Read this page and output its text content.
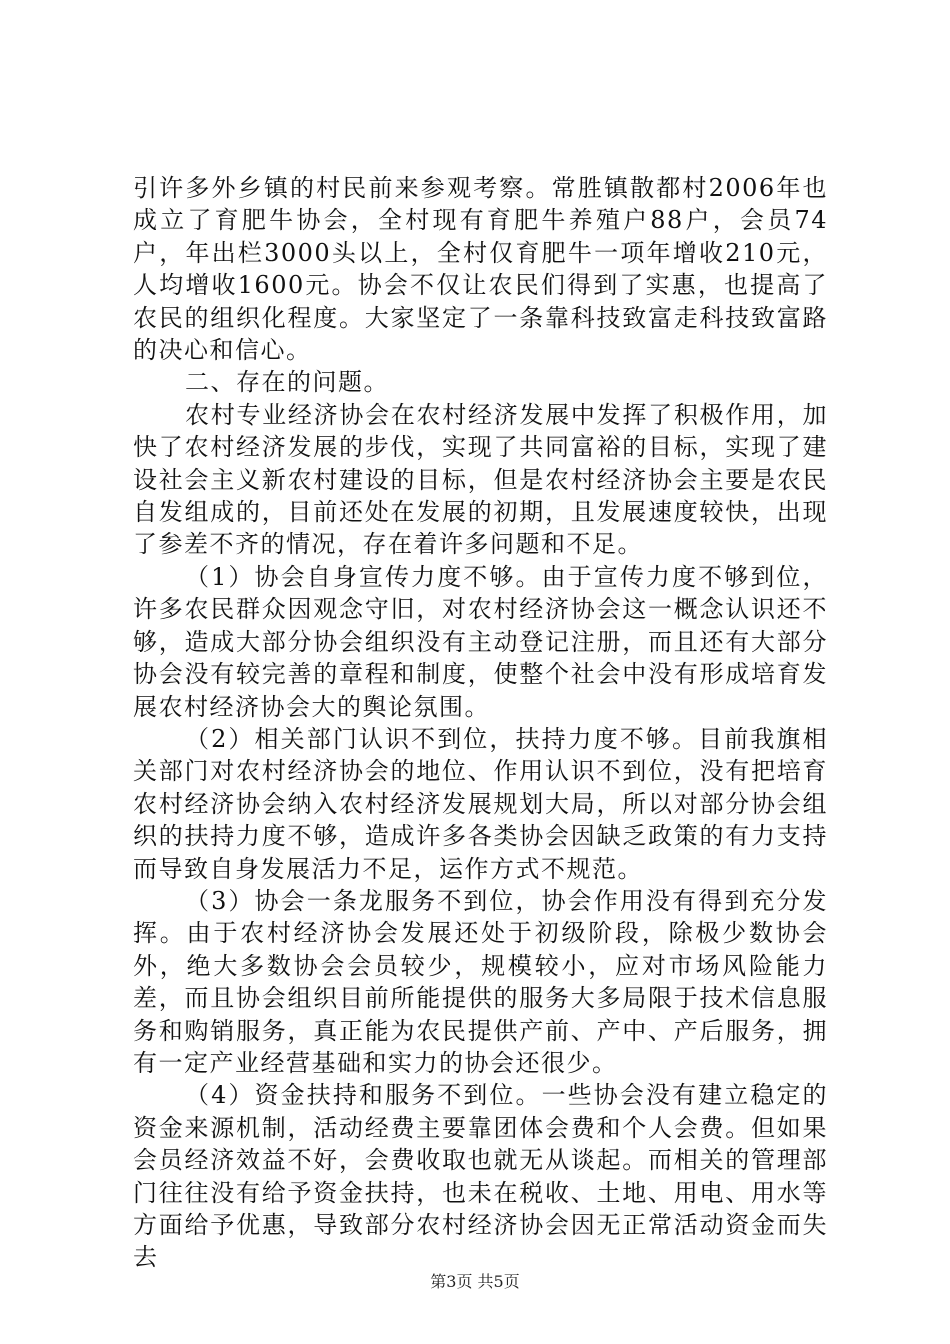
引许多外乡镇的村民前来参观考察。常胜镇散都村2006年也成立了育肥牛协会，全村现有育肥牛养殖户88户，会员74户，年出栏3000头以上，全村仅育肥牛一项年增收210元，人均增收1600元。协会不仅让农民们得到了实惠，也提高了农民的组织化程度。大家坚定了一条靠科技致富走科技致富路的决心和信心。

二、存在的问题。

农村专业经济协会在农村经济发展中发挥了积极作用，加快了农村经济发展的步伐，实现了共同富裕的目标，实现了建设社会主义新农村建设的目标，但是农村经济协会主要是农民自发组成的，目前还处在发展的初期，且发展速度较快，出现了参差不齐的情况，存在着许多问题和不足。

（1）协会自身宣传力度不够。由于宣传力度不够到位，许多农民群众因观念守旧，对农村经济协会这一概念认识还不够，造成大部分协会组织没有主动登记注册，而且还有大部分协会没有较完善的章程和制度，使整个社会中没有形成培育发展农村经济协会大的舆论氛围。

（2）相关部门认识不到位，扶持力度不够。目前我旗相关部门对农村经济协会的地位、作用认识不到位，没有把培育农村经济协会纳入农村经济发展规划大局，所以对部分协会组织的扶持力度不够，造成许多各类协会因缺乏政策的有力支持而导致自身发展活力不足，运作方式不规范。

（3）协会一条龙服务不到位，协会作用没有得到充分发挥。由于农村经济协会发展还处于初级阶段，除极少数协会外，绝大多数协会会员较少，规模较小，应对市场风险能力差，而且协会组织目前所能提供的服务大多局限于技术信息服务和购销服务，真正能为农民提供产前、产中、产后服务，拥有一定产业经营基础和实力的协会还很少。

（4）资金扶持和服务不到位。一些协会没有建立稳定的资金来源机制，活动经费主要靠团体会费和个人会费。但如果会员经济效益不好，会费收取也就无从谈起。而相关的管理部门往往没有给予资金扶持，也未在税收、土地、用电、用水等方面给予优惠，导致部分农村经济协会因无正常活动资金而失去

第3页 共5页
